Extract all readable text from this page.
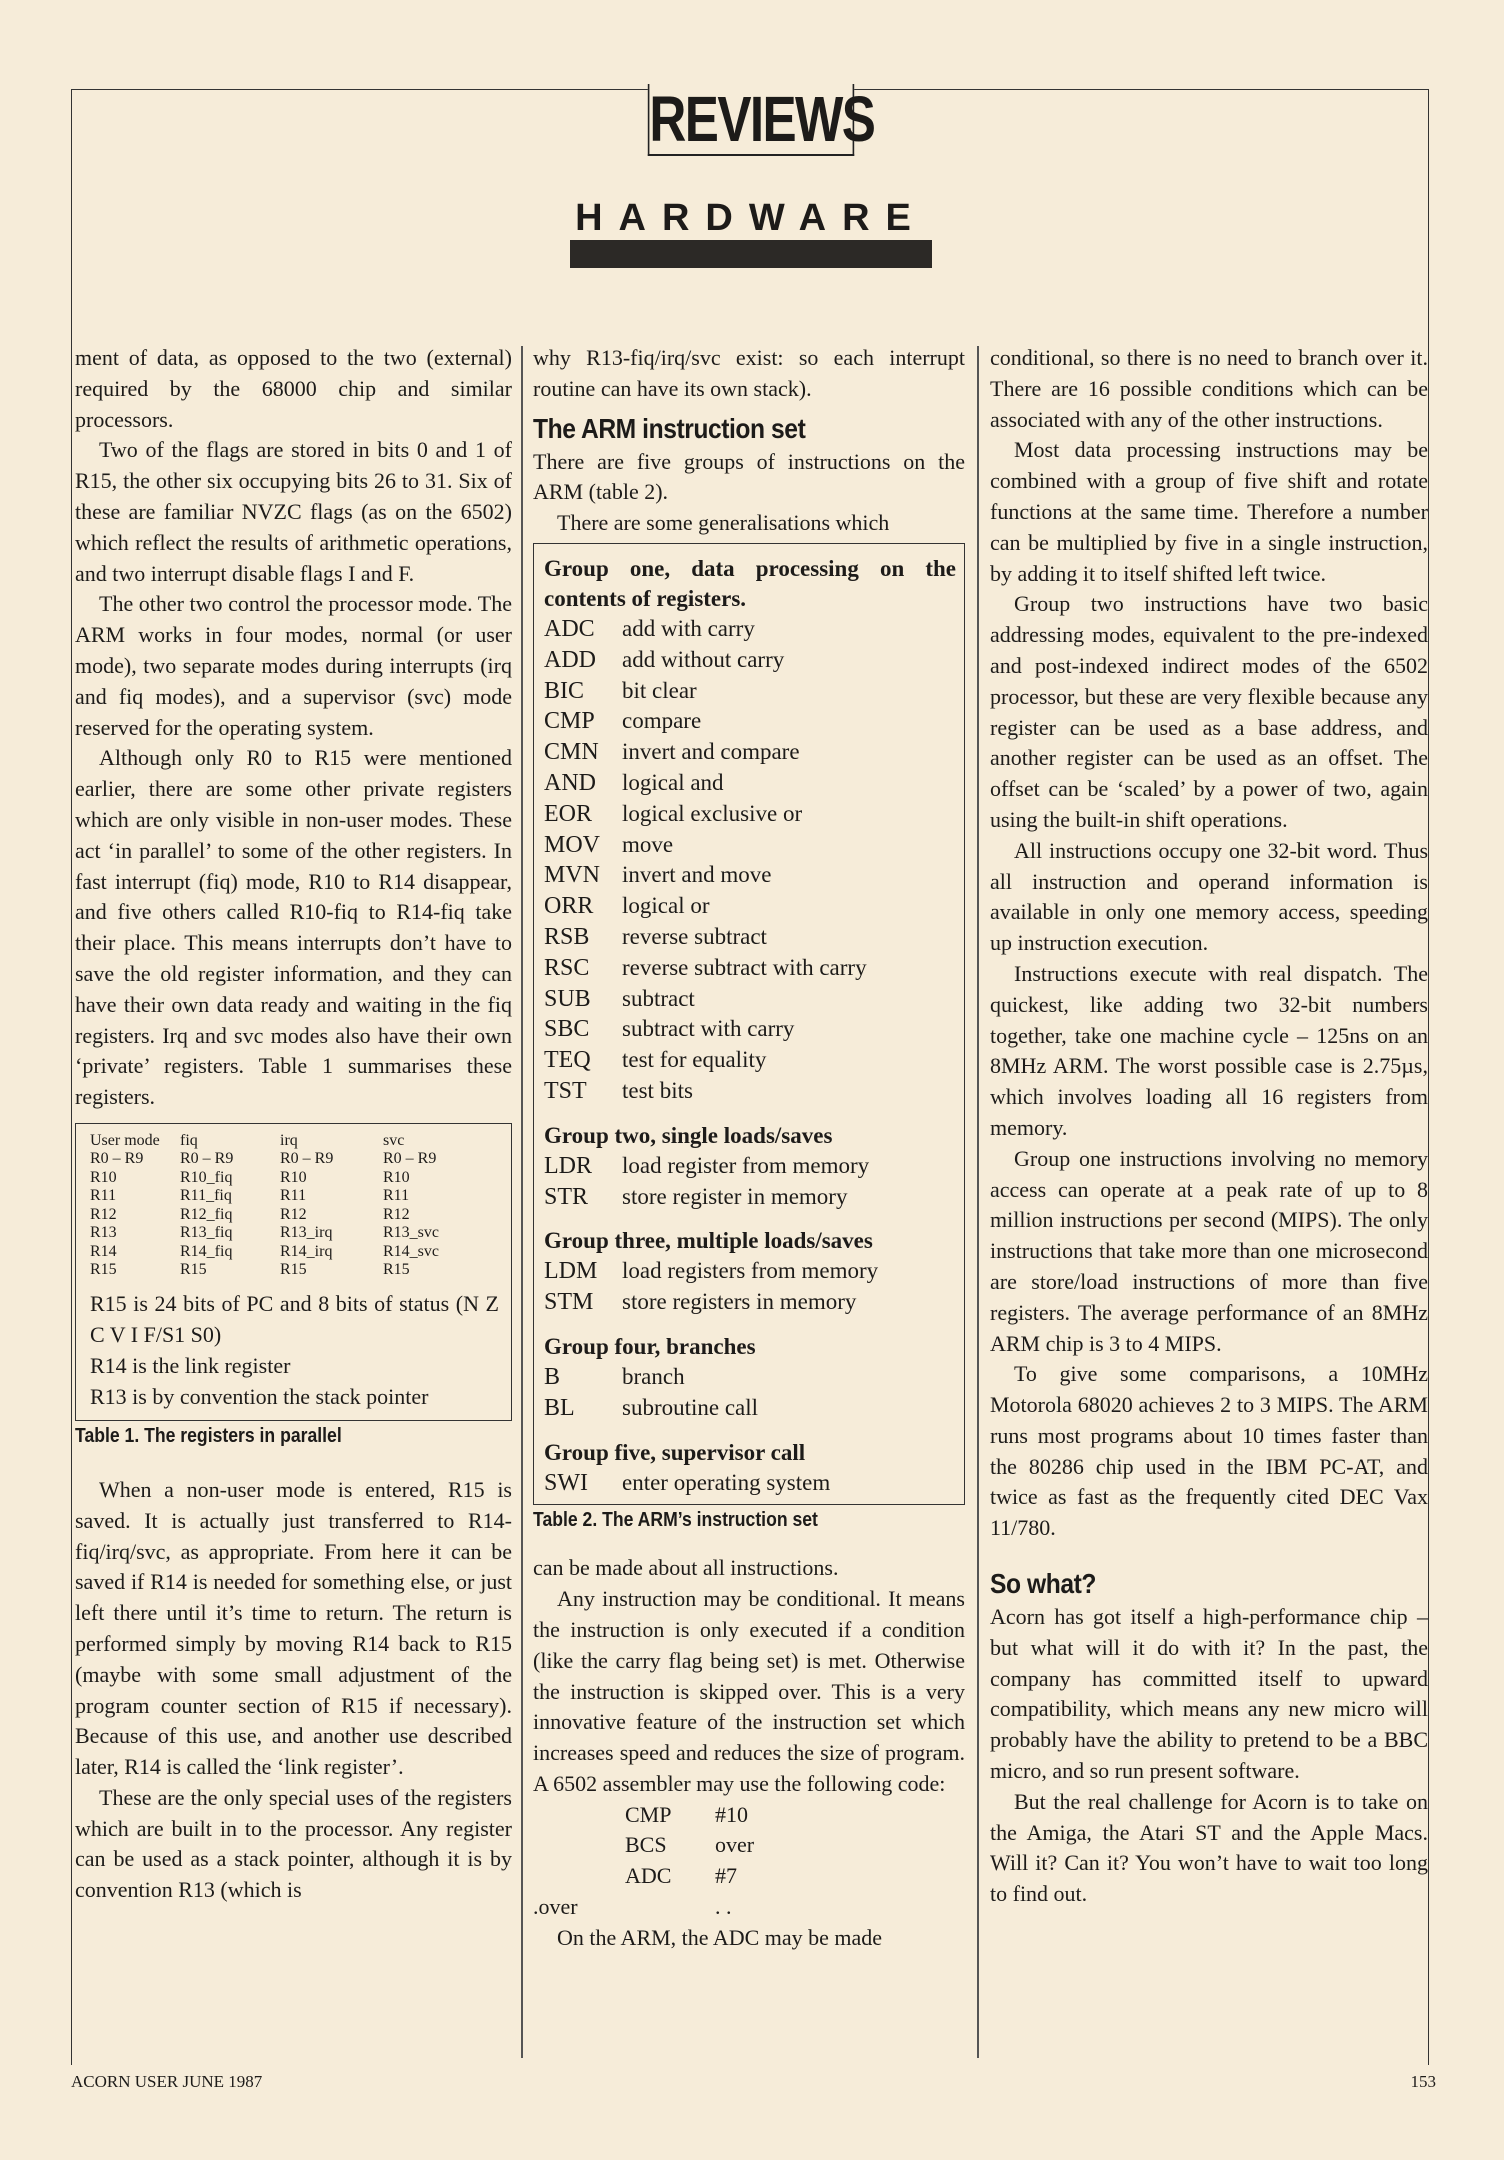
REVIEWS
HARDWARE

ment of data, as opposed to the two (external) required by the 68000 chip and similar processors.

Two of the flags are stored in bits 0 and 1 of R15, the other six occupying bits 26 to 31. Six of these are familiar NVZC flags (as on the 6502) which reflect the results of arithmetic operations, and two interrupt disable flags I and F.

The other two control the processor mode. The ARM works in four modes, normal (or user mode), two separate modes during interrupts (irq and fiq modes), and a supervisor (svc) mode reserved for the operating system.

Although only R0 to R15 were mentioned earlier, there are some other private registers which are only visible in non-user modes. These act ‘in parallel’ to some of the other registers. In fast interrupt (fiq) mode, R10 to R14 disappear, and five others called R10-fiq to R14-fiq take their place. This means interrupts don’t have to save the old register information, and they can have their own data ready and waiting in the fiq registers. Irq and svc modes also have their own ‘private’ registers. Table 1 summarises these registers.

User mode	fiq	irq	svc
R0 – R9	R0 – R9	R0 – R9	R0 – R9
R10	R10_fiq	R10	R10
R11	R11_fiq	R11	R11
R12	R12_fiq	R12	R12
R13	R13_fiq	R13_irq	R13_svc
R14	R14_fiq	R14_irq	R14_svc
R15	R15	R15	R15
R15 is 24 bits of PC and 8 bits of status (N Z C V I F/S1 S0)
R14 is the link register
R13 is by convention the stack pointer
Table 1. The registers in parallel

When a non-user mode is entered, R15 is saved. It is actually just transferred to R14-fiq/irq/svc, as appropriate. From here it can be saved if R14 is needed for something else, or just left there until it’s time to return. The return is performed simply by moving R14 back to R15 (maybe with some small adjustment of the program counter section of R15 if necessary). Because of this use, and another use described later, R14 is called the ‘link register’.

These are the only special uses of the registers which are built in to the processor. Any register can be used as a stack pointer, although it is by convention R13 (which is

why R13-fiq/irq/svc exist: so each interrupt routine can have its own stack).

The ARM instruction set

There are five groups of instructions on the ARM (table 2).

There are some generalisations which

Group one, data processing on the contents of registers.
ADC	add with carry
ADD	add without carry
BIC	bit clear
CMP	compare
CMN	invert and compare
AND	logical and
EOR	logical exclusive or
MOV move
MVN invert and move
ORR	logical or
RSB	reverse subtract
RSC	reverse subtract with carry
SUB	subtract
SBC	subtract with carry
TEQ	test for equality
TST	test bits
Group two, single loads/saves
LDR	load register from memory
STR	store register in memory
Group three, multiple loads/saves
LDM	load registers from memory
STM	store registers in memory
Group four, branches
B	branch
BL	subroutine call
Group five, supervisor call
SWI	enter operating system
Table 2. The ARM’s instruction set

can be made about all instructions.

Any instruction may be conditional. It means the instruction is only executed if a condition (like the carry flag being set) is met. Otherwise the instruction is skipped over. This is a very innovative feature of the instruction set which increases speed and reduces the size of program. A 6502 assembler may use the following code:

CMP	#10
BCS	over
ADC	#7
.over	. .

On the ARM, the ADC may be made

conditional, so there is no need to branch over it. There are 16 possible conditions which can be associated with any of the other instructions.

Most data processing instructions may be combined with a group of five shift and rotate functions at the same time. Therefore a number can be multiplied by five in a single instruction, by adding it to itself shifted left twice.

Group two instructions have two basic addressing modes, equivalent to the pre-indexed and post-indexed indirect modes of the 6502 processor, but these are very flexible because any register can be used as a base address, and another register can be used as an offset. The offset can be ‘scaled’ by a power of two, again using the built-in shift operations.

All instructions occupy one 32-bit word. Thus all instruction and operand information is available in only one memory access, speeding up instruction execution.

Instructions execute with real dispatch. The quickest, like adding two 32-bit numbers together, take one machine cycle – 125ns on an 8MHz ARM. The worst possible case is 2.75µs, which involves loading all 16 registers from memory.

Group one instructions involving no memory access can operate at a peak rate of up to 8 million instructions per second (MIPS). The only instructions that take more than one microsecond are store/load instructions of more than five registers. The average performance of an 8MHz ARM chip is 3 to 4 MIPS.

To give some comparisons, a 10MHz Motorola 68020 achieves 2 to 3 MIPS. The ARM runs most programs about 10 times faster than the 80286 chip used in the IBM PC-AT, and twice as fast as the frequently cited DEC Vax 11/780.

So what?

Acorn has got itself a high-performance chip – but what will it do with it? In the past, the company has committed itself to upward compatibility, which means any new micro will probably have the ability to pretend to be a BBC micro, and so run present software.

But the real challenge for Acorn is to take on the Amiga, the Atari ST and the Apple Macs. Will it? Can it? You won’t have to wait too long to find out.

ACORN USER JUNE 1987	153
